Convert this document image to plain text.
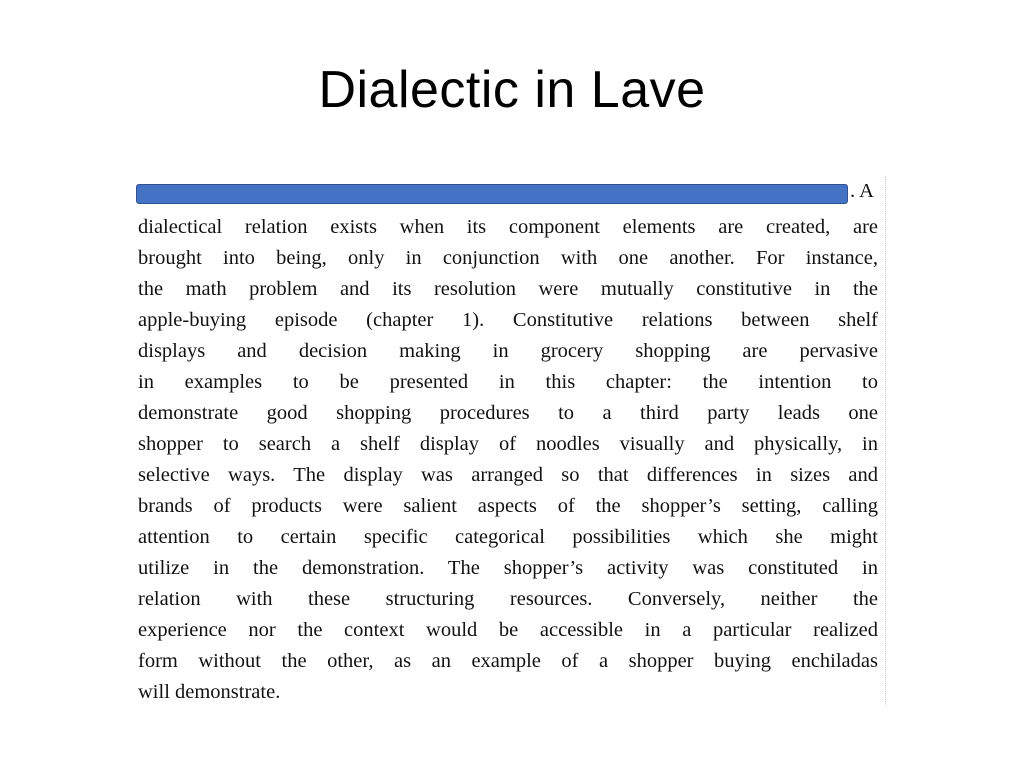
Dialectic in Lave
. A
dialectical relation exists when its component elements are created, are
brought into being, only in conjunction with one another. For instance,
the math problem and its resolution were mutually constitutive in the
apple-buying episode (chapter 1). Constitutive relations between shelf
displays and decision making in grocery shopping are pervasive
in examples to be presented in this chapter: the intention to
demonstrate good shopping procedures to a third party leads one
shopper to search a shelf display of noodles visually and physically, in
selective ways. The display was arranged so that differences in sizes and
brands of products were salient aspects of the shopper’s setting, calling
attention to certain specific categorical possibilities which she might
utilize in the demonstration. The shopper’s activity was constituted in
relation with these structuring resources. Conversely, neither the
experience nor the context would be accessible in a particular realized
form without the other, as an example of a shopper buying enchiladas
will demonstrate.
